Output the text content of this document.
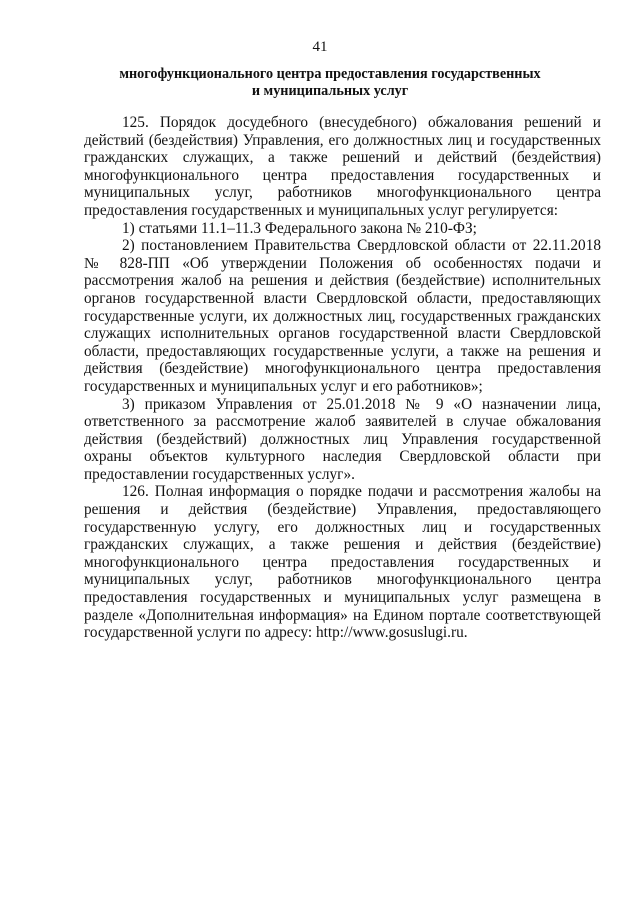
41
многофункционального центра предоставления государственных
и муниципальных услуг

125. Порядок досудебного (внесудебного) обжалования решений и действий (бездействия) Управления, его должностных лиц и государственных гражданских служащих, а также решений и действий (бездействия) многофункционального центра предоставления государственных и муниципальных услуг, работников многофункционального центра предоставления государственных и муниципальных услуг регулируется:

1) статьями 11.1–11.3 Федерального закона № 210-ФЗ;

2) постановлением Правительства Свердловской области от 22.11.2018 № 828-ПП «Об утверждении Положения об особенностях подачи и рассмотрения жалоб на решения и действия (бездействие) исполнительных органов государственной власти Свердловской области, предоставляющих государственные услуги, их должностных лиц, государственных гражданских служащих исполнительных органов государственной власти Свердловской области, предоставляющих государственные услуги, а также на решения и действия (бездействие) многофункционального центра предоставления государственных и муниципальных услуг и его работников»;

3) приказом Управления от 25.01.2018 № 9 «О назначении лица, ответственного за рассмотрение жалоб заявителей в случае обжалования действия (бездействий) должностных лиц Управления государственной охраны объектов культурного наследия Свердловской области при предоставлении государственных услуг».

126. Полная информация о порядке подачи и рассмотрения жалобы на решения и действия (бездействие) Управления, предоставляющего государственную услугу, его должностных лиц и государственных гражданских служащих, а также решения и действия (бездействие) многофункционального центра предоставления государственных и муниципальных услуг, работников многофункционального центра предоставления государственных и муниципальных услуг размещена в разделе «Дополнительная информация» на Едином портале соответствующей государственной услуги по адресу: http://www.gosuslugi.ru.
